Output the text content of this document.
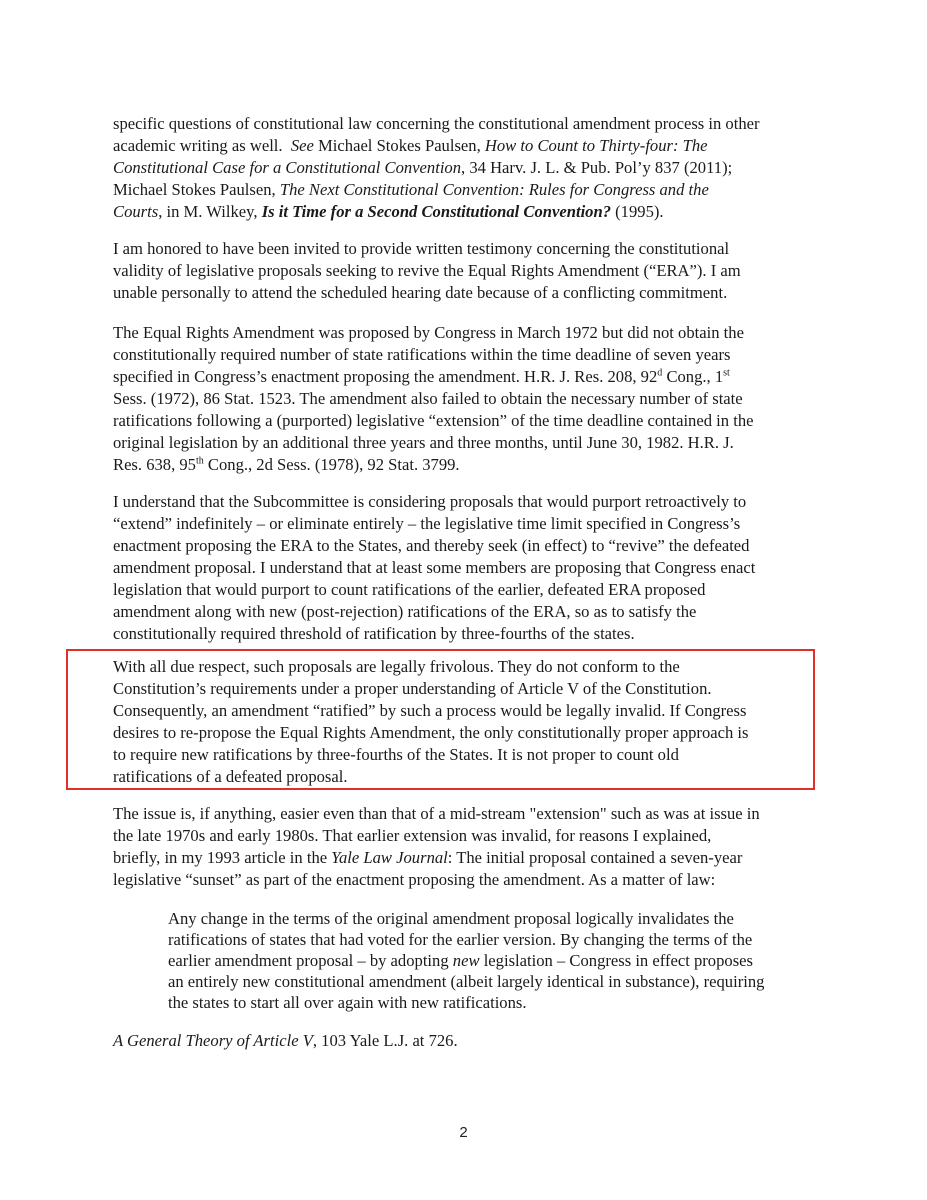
specific questions of constitutional law concerning the constitutional amendment process in other
academic writing as well. See Michael Stokes Paulsen, How to Count to Thirty-four: The
Constitutional Case for a Constitutional Convention, 34 Harv. J. L. & Pub. Pol’y 837 (2011);
Michael Stokes Paulsen, The Next Constitutional Convention: Rules for Congress and the
Courts, in M. Wilkey, Is it Time for a Second Constitutional Convention? (1995).

I am honored to have been invited to provide written testimony concerning the constitutional
validity of legislative proposals seeking to revive the Equal Rights Amendment (“ERA”). I am
unable personally to attend the scheduled hearing date because of a conflicting commitment.

The Equal Rights Amendment was proposed by Congress in March 1972 but did not obtain the
constitutionally required number of state ratifications within the time deadline of seven years
specified in Congress’s enactment proposing the amendment. H.R. J. Res. 208, 92$^d$ Cong., 1st
Sess. (1972), 86 Stat. 1523. The amendment also failed to obtain the necessary number of state
ratifications following a (purported) legislative “extension” of the time deadline contained in the
original legislation by an additional three years and three months, until June 30, 1982. H.R. J.
Res. 638, 95th Cong., 2d Sess. (1978), 92 Stat. 3799.

I understand that the Subcommittee is considering proposals that would purport retroactively to
“extend” indefinitely – or eliminate entirely – the legislative time limit specified in Congress’s
enactment proposing the ERA to the States, and thereby seek (in effect) to “revive” the defeated
amendment proposal. I understand that at least some members are proposing that Congress enact
legislation that would purport to count ratifications of the earlier, defeated ERA proposed
amendment along with new (post-rejection) ratifications of the ERA, so as to satisfy the
constitutionally required threshold of ratification by three-fourths of the states.

With all due respect, such proposals are legally frivolous. They do not conform to the
Constitution’s requirements under a proper understanding of Article V of the Constitution.
Consequently, an amendment “ratified” by such a process would be legally invalid. If Congress
desires to re-propose the Equal Rights Amendment, the only constitutionally proper approach is
to require new ratifications by three-fourths of the States. It is not proper to count old
ratifications of a defeated proposal.

The issue is, if anything, easier even than that of a mid-stream "extension" such as was at issue in
the late 1970s and early 1980s. That earlier extension was invalid, for reasons I explained,
briefly, in my 1993 article in the Yale Law Journal: The initial proposal contained a seven-year
legislative “sunset” as part of the enactment proposing the amendment. As a matter of law:

Any change in the terms of the original amendment proposal logically invalidates the
ratifications of states that had voted for the earlier version. By changing the terms of the
earlier amendment proposal – by adopting new legislation – Congress in effect proposes
an entirely new constitutional amendment (albeit largely identical in substance), requiring
the states to start all over again with new ratifications.

A General Theory of Article V, 103 Yale L.J. at 726.

2
